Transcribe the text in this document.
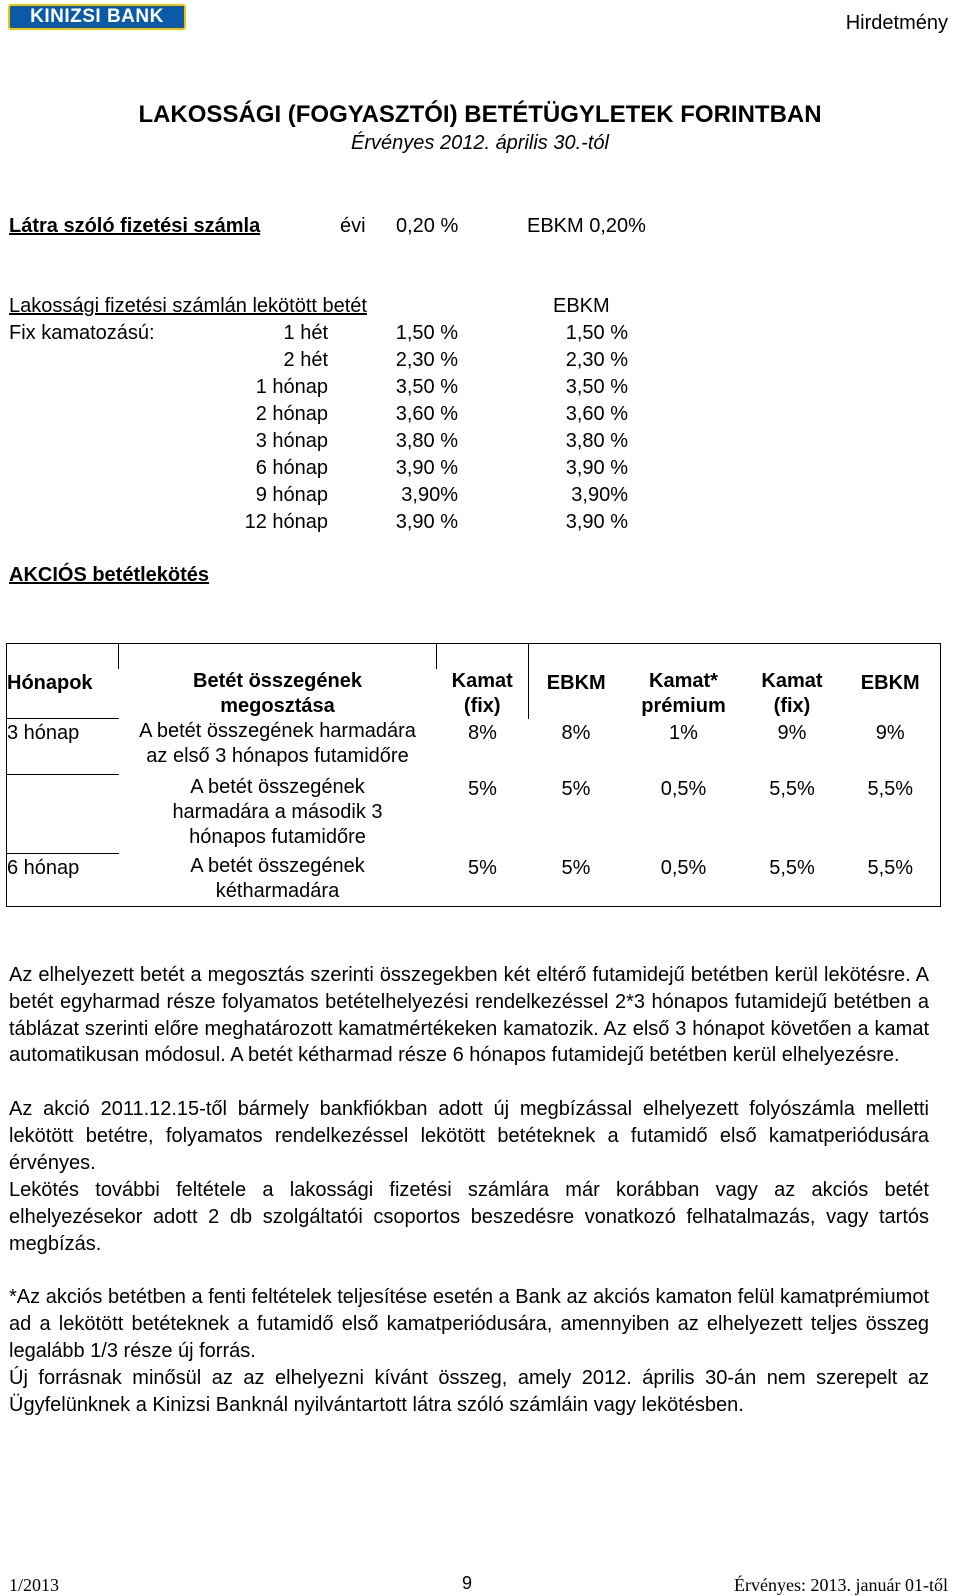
KINIZSI BANK	Hirdetmény
LAKOSSÁGI (FOGYASZTÓI) BETÉTÜGYLETEK FORINTBAN
Érvényes 2012. április 30.-tól
Látra szóló fizetési számla	évi 0,20 %	EBKM 0,20%
Lakossági fizetési számlán lekötött betét	EBKM
Fix kamatozású:	1 hét	1,50 %	1,50 %
2 hét	2,30 %	2,30 %
1 hónap	3,50 %	3,50 %
2 hónap	3,60 %	3,60 %
3 hónap	3,80 %	3,80 %
6 hónap	3,90 %	3,90 %
9 hónap	3,90%	3,90%
12 hónap	3,90 %	3,90 %
AKCIÓS betétlekötés

Hónapok	Betét összegének megosztása	Kamat (fix)	EBKM	Kamat* prémium	Kamat (fix)	EBKM
3 hónap	A betét összegének harmadára az első 3 hónapos futamidőre	8%	8%	1%	9%	9%
	A betét összegének harmadára a második 3 hónapos futamidőre	5%	5%	0,5%	5,5%	5,5%
6 hónap	A betét összegének kétharmadára	5%	5%	0,5%	5,5%	5,5%
Az elhelyezett betét a megosztás szerinti összegekben két eltérő futamidejű betétben kerül lekötésre. A betét egyharmad része folyamatos betételhelyezési rendelkezéssel 2*3 hónapos futamidejű betétben a táblázat szerinti előre meghatározott kamatmértékeken kamatozik. Az első 3 hónapot követően a kamat automatikusan módosul. A betét kétharmad része 6 hónapos futamidejű betétben kerül elhelyezésre.
Az akció 2011.12.15-től bármely bankfiókban adott új megbízással elhelyezett folyószámla melletti lekötött betétre, folyamatos rendelkezéssel lekötött betéteknek a futamidő első kamatperiódusára érvényes.
Lekötés további feltétele a lakossági fizetési számlára már korábban vagy az akciós betét elhelyezésekor adott 2 db szolgáltatói csoportos beszedésre vonatkozó felhatalmazás, vagy tartós megbízás.
*Az akciós betétben a fenti feltételek teljesítése esetén a Bank az akciós kamaton felül kamatprémiumot ad a lekötött betéteknek a futamidő első kamatperiódusára, amennyiben az elhelyezett teljes összeg legalább 1/3 része új forrás.
Új forrásnak minősül az az elhelyezni kívánt összeg, amely 2012. április 30-án nem szerepelt az Ügyfelünknek a Kinizsi Banknál nyilvántartott látra szóló számláin vagy lekötésben.
1/2013	9	Érvényes: 2013. január 01-től
